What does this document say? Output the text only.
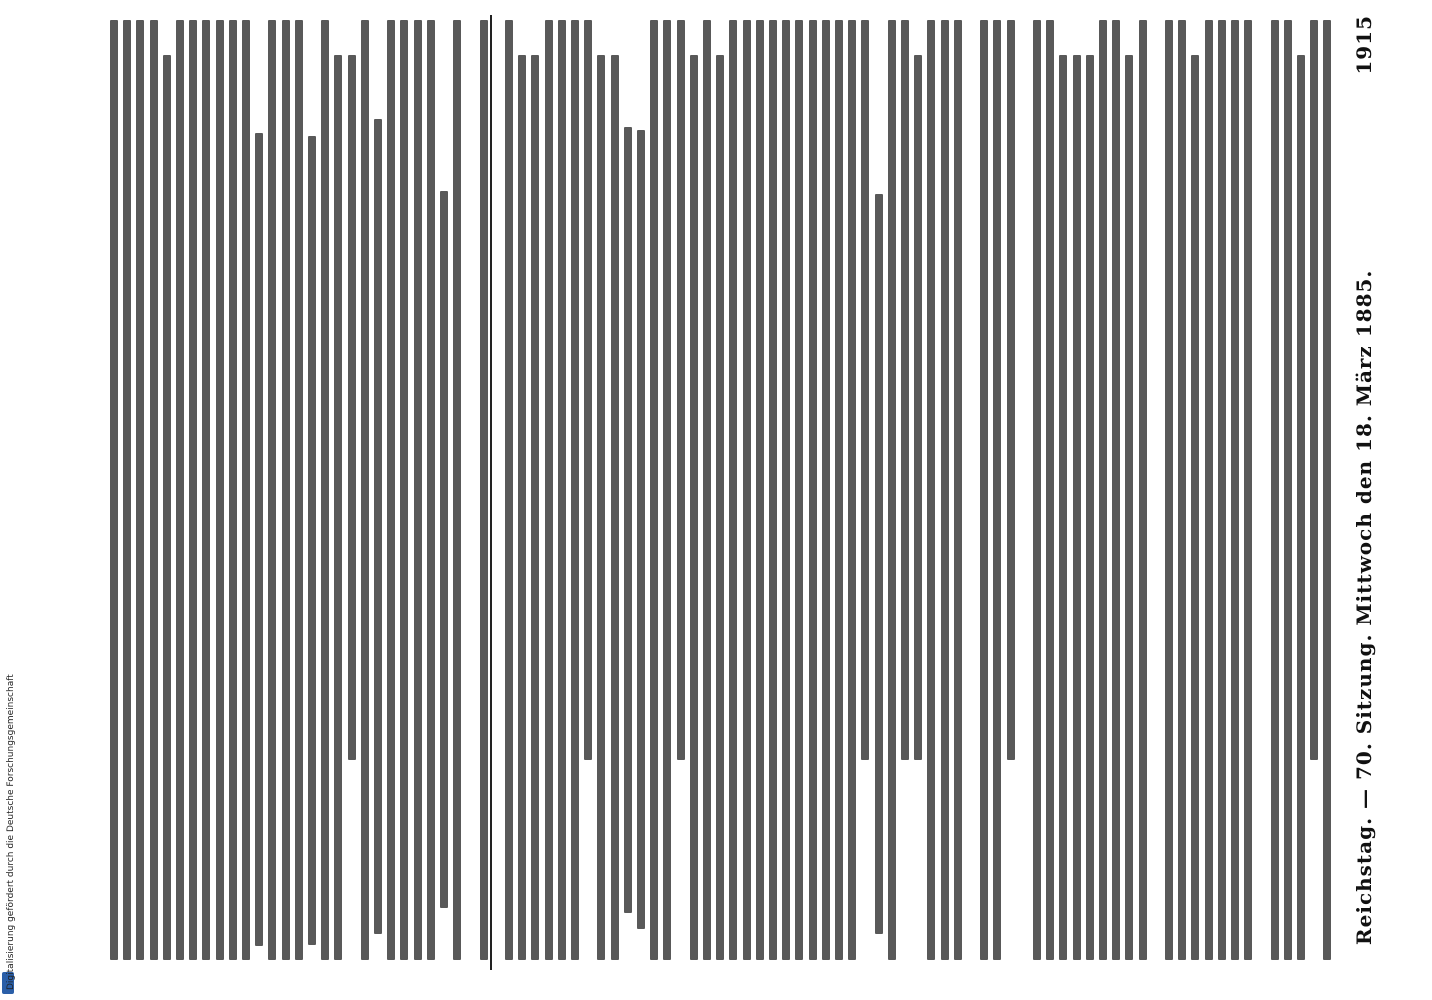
Reichstag. — 70. Sitzung. Mittwoch den 18. März 1885.
1915
Digitalisierung gefördert durch die Deutsche Forschungsgemeinschaft
